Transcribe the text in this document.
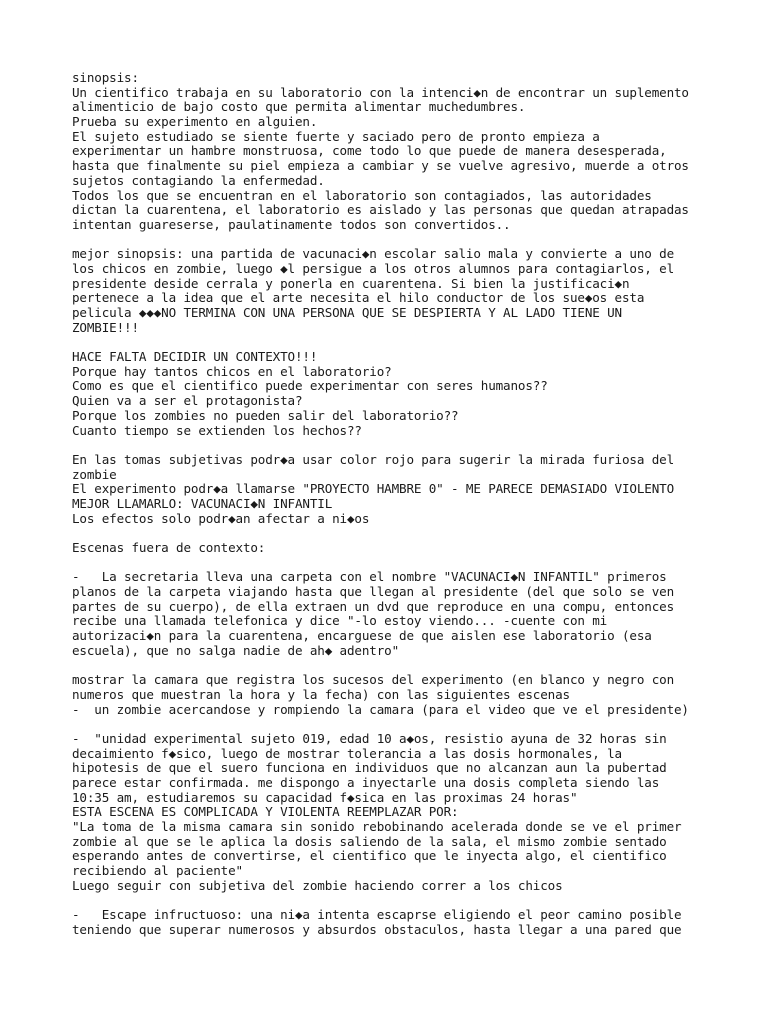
sinopsis:
Un cientifico trabaja en su laboratorio con la intenci◆n de encontrar un suplemento
alimenticio de bajo costo que permita alimentar muchedumbres.
Prueba su experimento en alguien.
El sujeto estudiado se siente fuerte y saciado pero de pronto empieza a
experimentar un hambre monstruosa, come todo lo que puede de manera desesperada,
hasta que finalmente su piel empieza a cambiar y se vuelve agresivo, muerde a otros
sujetos contagiando la enfermedad.
Todos los que se encuentran en el laboratorio son contagiados, las autoridades
dictan la cuarentena, el laboratorio es aislado y las personas que quedan atrapadas
intentan guareserse, paulatinamente todos son convertidos..
mejor sinopsis: una partida de vacunaci◆n escolar salio mala y convierte a uno de
los chicos en zombie, luego ◆l persigue a los otros alumnos para contagiarlos, el
presidente deside cerrala y ponerla en cuarentena. Si bien la justificaci◆n
pertenece a la idea que el arte necesita el hilo conductor de los sue◆os esta
pelicula ◆◆◆NO TERMINA CON UNA PERSONA QUE SE DESPIERTA Y AL LADO TIENE UN
ZOMBIE!!!
HACE FALTA DECIDIR UN CONTEXTO!!!
Porque hay tantos chicos en el laboratorio?
Como es que el cientifico puede experimentar con seres humanos??
Quien va a ser el protagonista?
Porque los zombies no pueden salir del laboratorio??
Cuanto tiempo se extienden los hechos??
En las tomas subjetivas podr◆a usar color rojo para sugerir la mirada furiosa del
zombie
El experimento podr◆a llamarse "PROYECTO HAMBRE 0" - ME PARECE DEMASIADO VIOLENTO
MEJOR LLAMARLO: VACUNACI◆N INFANTIL
Los efectos solo podr◆an afectar a ni◆os
Escenas fuera de contexto:
-   La secretaria lleva una carpeta con el nombre "VACUNACI◆N INFANTIL" primeros
planos de la carpeta viajando hasta que llegan al presidente (del que solo se ven
partes de su cuerpo), de ella extraen un dvd que reproduce en una compu, entonces
recibe una llamada telefonica y dice "-lo estoy viendo... -cuente con mi
autorizaci◆n para la cuarentena, encarguese de que aislen ese laboratorio (esa
escuela), que no salga nadie de ah◆ adentro"
mostrar la camara que registra los sucesos del experimento (en blanco y negro con
numeros que muestran la hora y la fecha) con las siguientes escenas
-  un zombie acercandose y rompiendo la camara (para el video que ve el presidente)
-  "unidad experimental sujeto 019, edad 10 a◆os, resistio ayuna de 32 horas sin
decaimiento f◆sico, luego de mostrar tolerancia a las dosis hormonales, la
hipotesis de que el suero funciona en individuos que no alcanzan aun la pubertad
parece estar confirmada. me dispongo a inyectarle una dosis completa siendo las
10:35 am, estudiaremos su capacidad f◆sica en las proximas 24 horas"
ESTA ESCENA ES COMPLICADA Y VIOLENTA REEMPLAZAR POR:
"La toma de la misma camara sin sonido rebobinando acelerada donde se ve el primer
zombie al que se le aplica la dosis saliendo de la sala, el mismo zombie sentado
esperando antes de convertirse, el cientifico que le inyecta algo, el cientifico
recibiendo al paciente"
Luego seguir con subjetiva del zombie haciendo correr a los chicos
-   Escape infructuoso: una ni◆a intenta escaprse eligiendo el peor camino posible
teniendo que superar numerosos y absurdos obstaculos, hasta llegar a una pared que
